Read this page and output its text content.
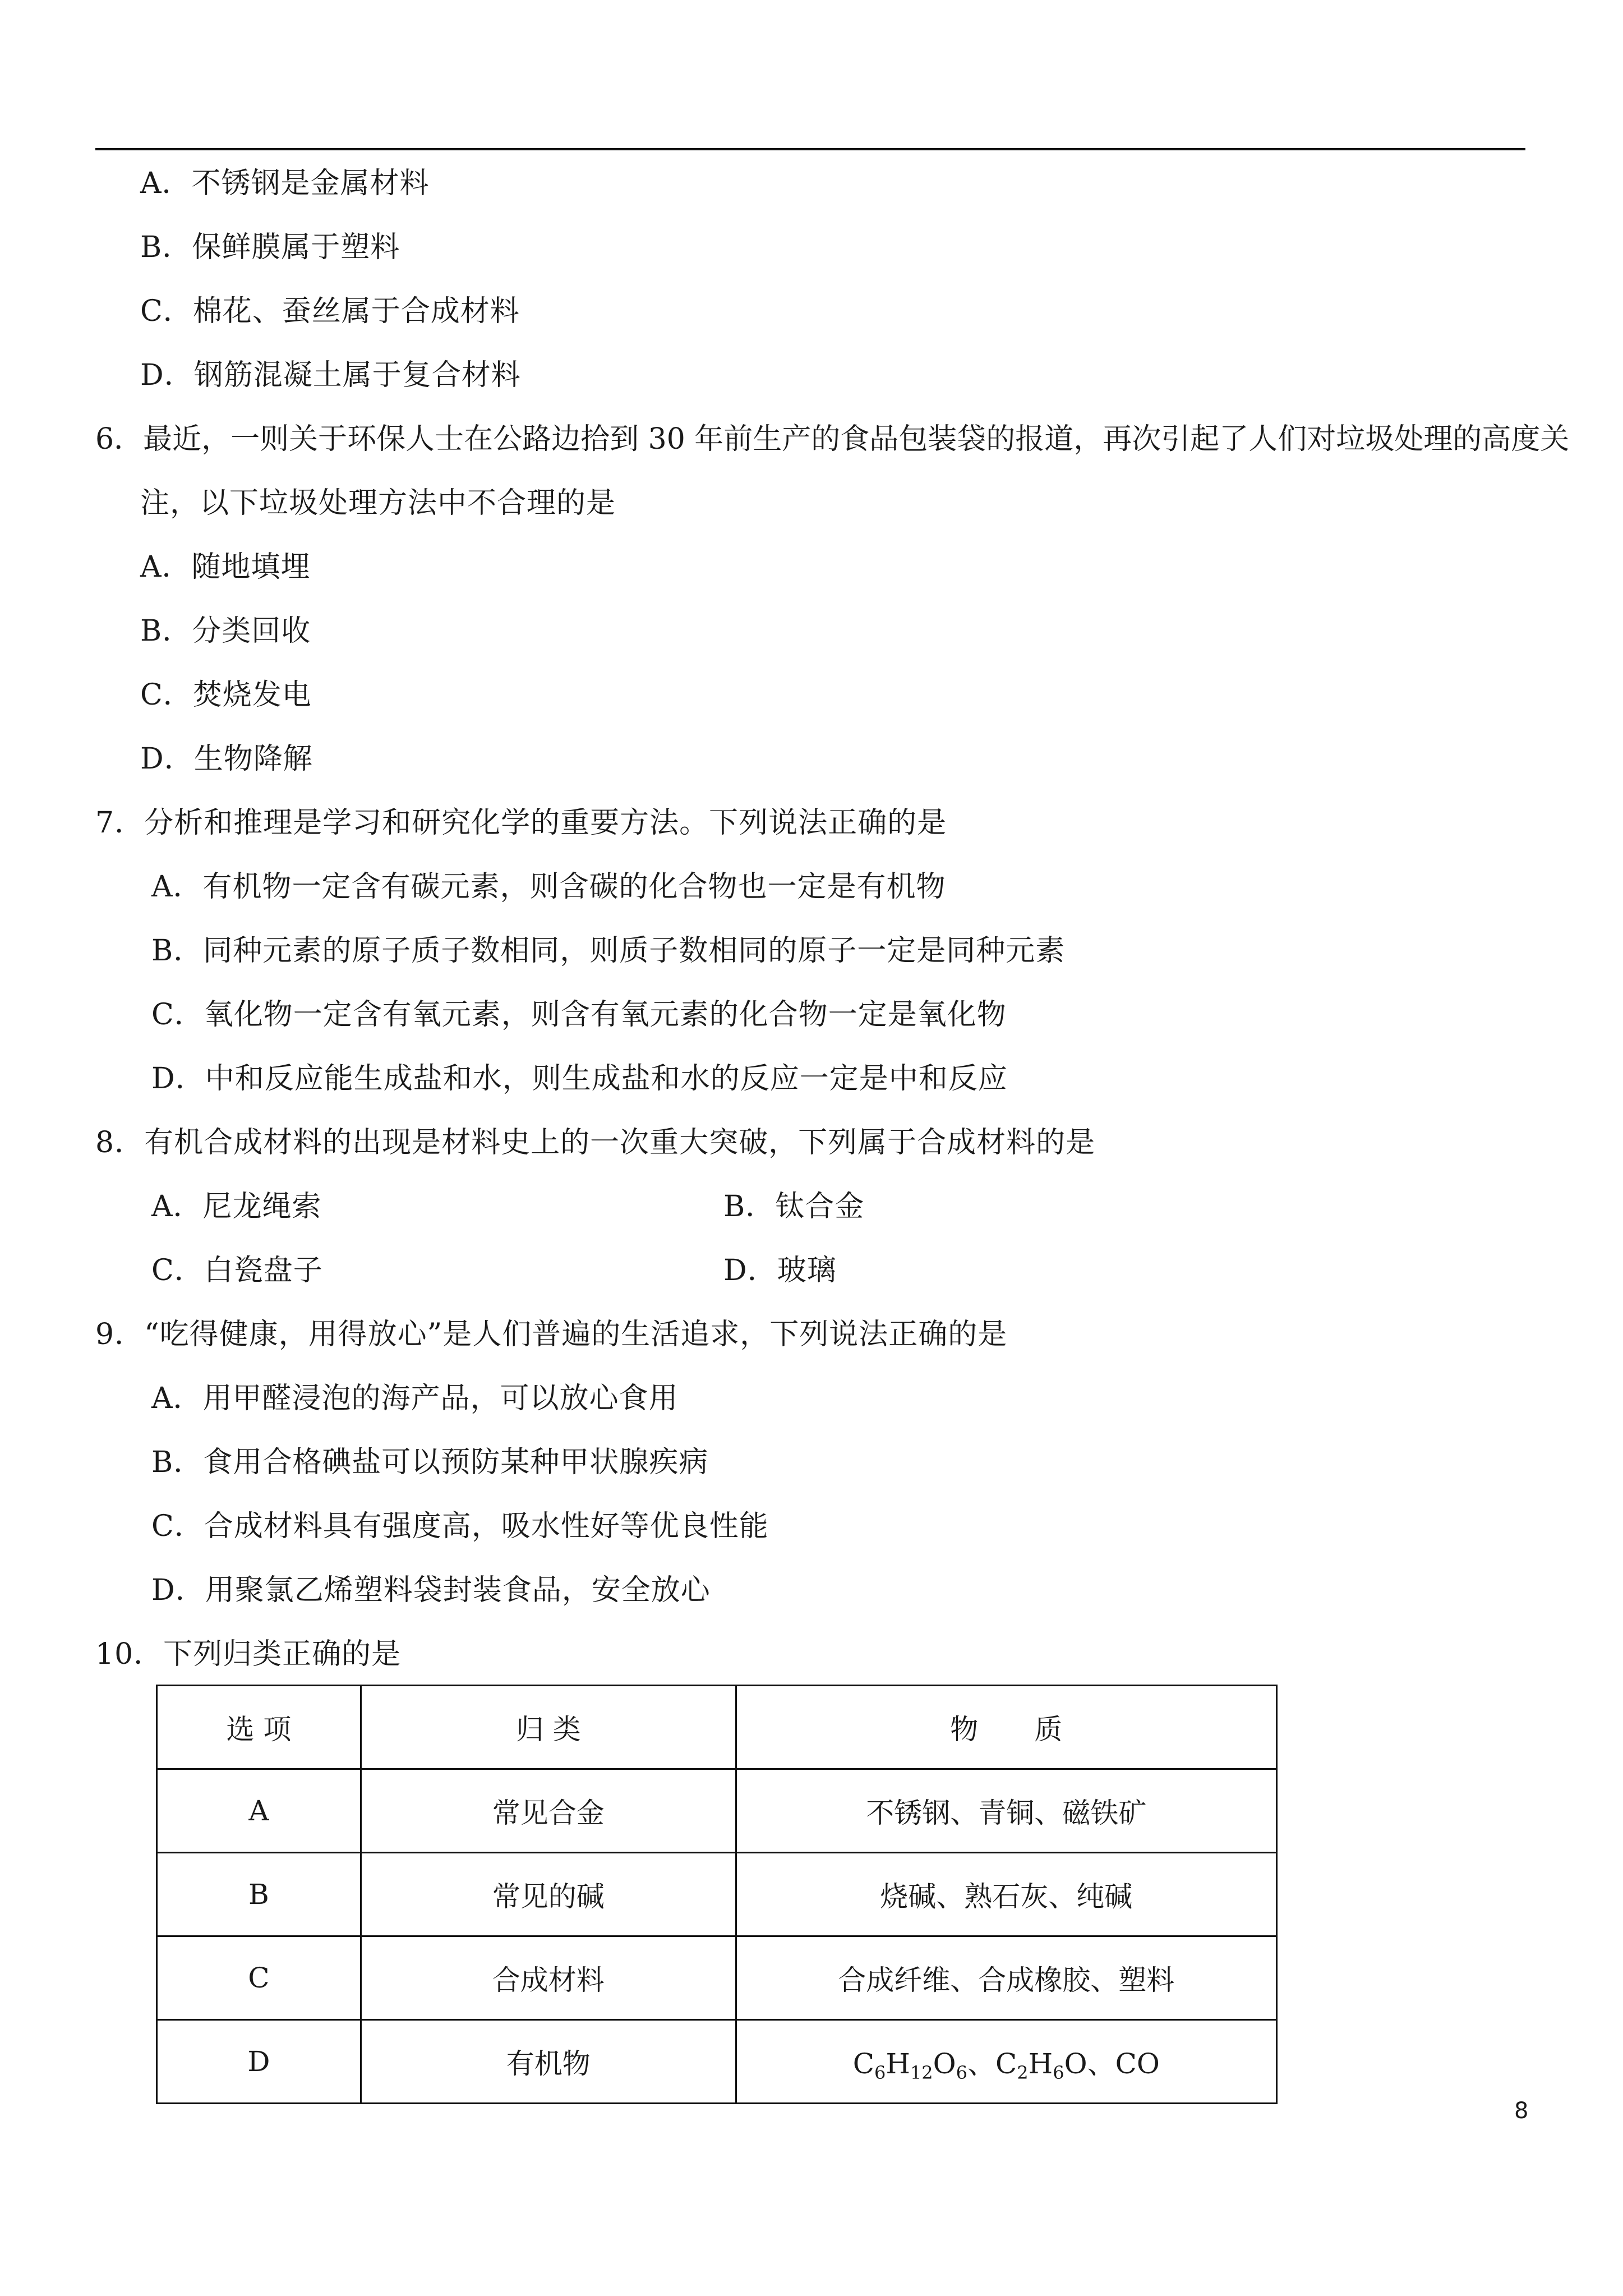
A．不锈钢是金属材料
B．保鲜膜属于塑料
C．棉花、蚕丝属于合成材料
D．钢筋混凝土属于复合材料
6．最近，一则关于环保人士在公路边拾到 30 年前生产的食品包装袋的报道，再次引起了人们对垃圾处理的高度关
注，以下垃圾处理方法中不合理的是
A．随地填埋
B．分类回收
C．焚烧发电
D．生物降解
7．分析和推理是学习和研究化学的重要方法。下列说法正确的是
A．有机物一定含有碳元素，则含碳的化合物也一定是有机物
B．同种元素的原子质子数相同，则质子数相同的原子一定是同种元素
C．氧化物一定含有氧元素，则含有氧元素的化合物一定是氧化物
D．中和反应能生成盐和水，则生成盐和水的反应一定是中和反应
8．有机合成材料的出现是材料史上的一次重大突破，下列属于合成材料的是
A．尼龙绳索	B．钛合金
C．白瓷盘子	D．玻璃
9．“吃得健康，用得放心”是人们普遍的生活追求，下列说法正确的是
A．用甲醛浸泡的海产品，可以放心食用
B．食用合格碘盐可以预防某种甲状腺疾病
C．合成材料具有强度高，吸水性好等优良性能
D．用聚氯乙烯塑料袋封装食品，安全放心
10．下列归类正确的是
选 项	归 类	物　　质
A	常见合金	不锈钢、青铜、磁铁矿
B	常见的碱	烧碱、熟石灰、纯碱
C	合成材料	合成纤维、合成橡胶、塑料
D	有机物	$C_6H_{12}O_6$、$C_2H_6O$、CO
8
